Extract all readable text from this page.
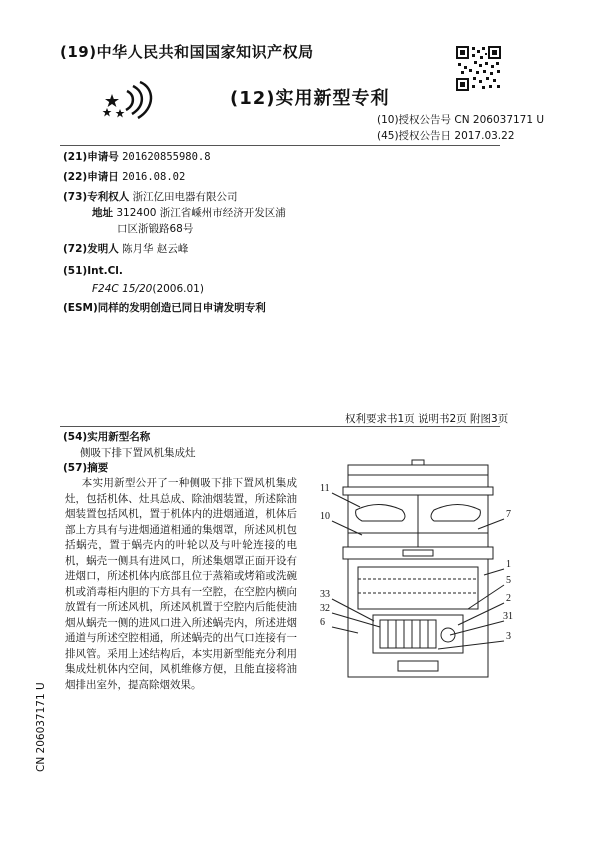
(19)中华人民共和国国家知识产权局
(12)实用新型专利
(10)授权公告号 CN 206037171 U
(45)授权公告日 2017.03.22
(21)申请号 201620855980.8
(22)申请日 2016.08.02
(73)专利权人 浙江亿田电器有限公司
地址 312400 浙江省嵊州市经济开发区浦
口区浙锻路68号
(72)发明人 陈月华 赵云峰
(51)Int.Cl.
F24C 15/20(2006.01)
(ESM)同样的发明创造已同日申请发明专利
权利要求书1页 说明书2页 附图3页
(54)实用新型名称
侧吸下排下置风机集成灶
(57)摘要

本实用新型公开了一种侧吸下排下置风机集成灶，包括机体、灶具总成、除油烟装置，所述除油烟装置包括风机，置于机体内的进烟通道，机体后部上方具有与进烟通道相通的集烟罩，所述风机包括蜗壳，置于蜗壳内的叶轮以及与叶轮连接的电机，蜗壳一侧具有进风口，所述集烟罩正面开设有进烟口，所述机体内底部且位于蒸箱或烤箱或洗碗机或消毒柜内胆的下方具有一空腔，在空腔内横向放置有一所述风机，所述风机置于空腔内后能使油烟从蜗壳一侧的进风口进入所述蜗壳内，所述进烟通道与所述空腔相通，所述蜗壳的出气口连接有一排风管。采用上述结构后，本实用新型能充分利用集成灶机体内空间，风机维修方便，且能直接将油烟排出室外，提高除烟效果。

CN 206037171 U
11
10
33
32
6
7
1
5
2
31
3
